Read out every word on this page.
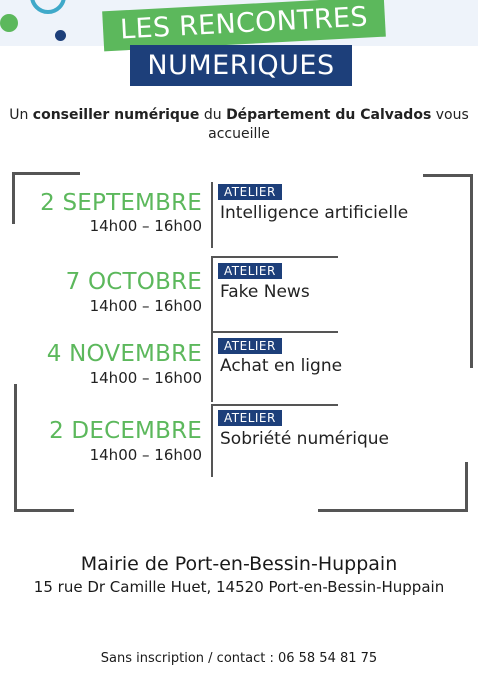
LES RENCONTRES
NUMERIQUES
Un conseiller numérique du Département du Calvados vous
accueille
2 SEPTEMBRE
14h00 – 16h00
ATELIER
Intelligence artificielle
7 OCTOBRE
14h00 – 16h00
ATELIER
Fake News
4 NOVEMBRE
14h00 – 16h00
ATELIER
Achat en ligne
2 DECEMBRE
14h00 – 16h00
ATELIER
Sobriété numérique
Mairie de Port-en-Bessin-Huppain
15 rue Dr Camille Huet, 14520 Port-en-Bessin-Huppain
Sans inscription / contact : 06 58 54 81 75
